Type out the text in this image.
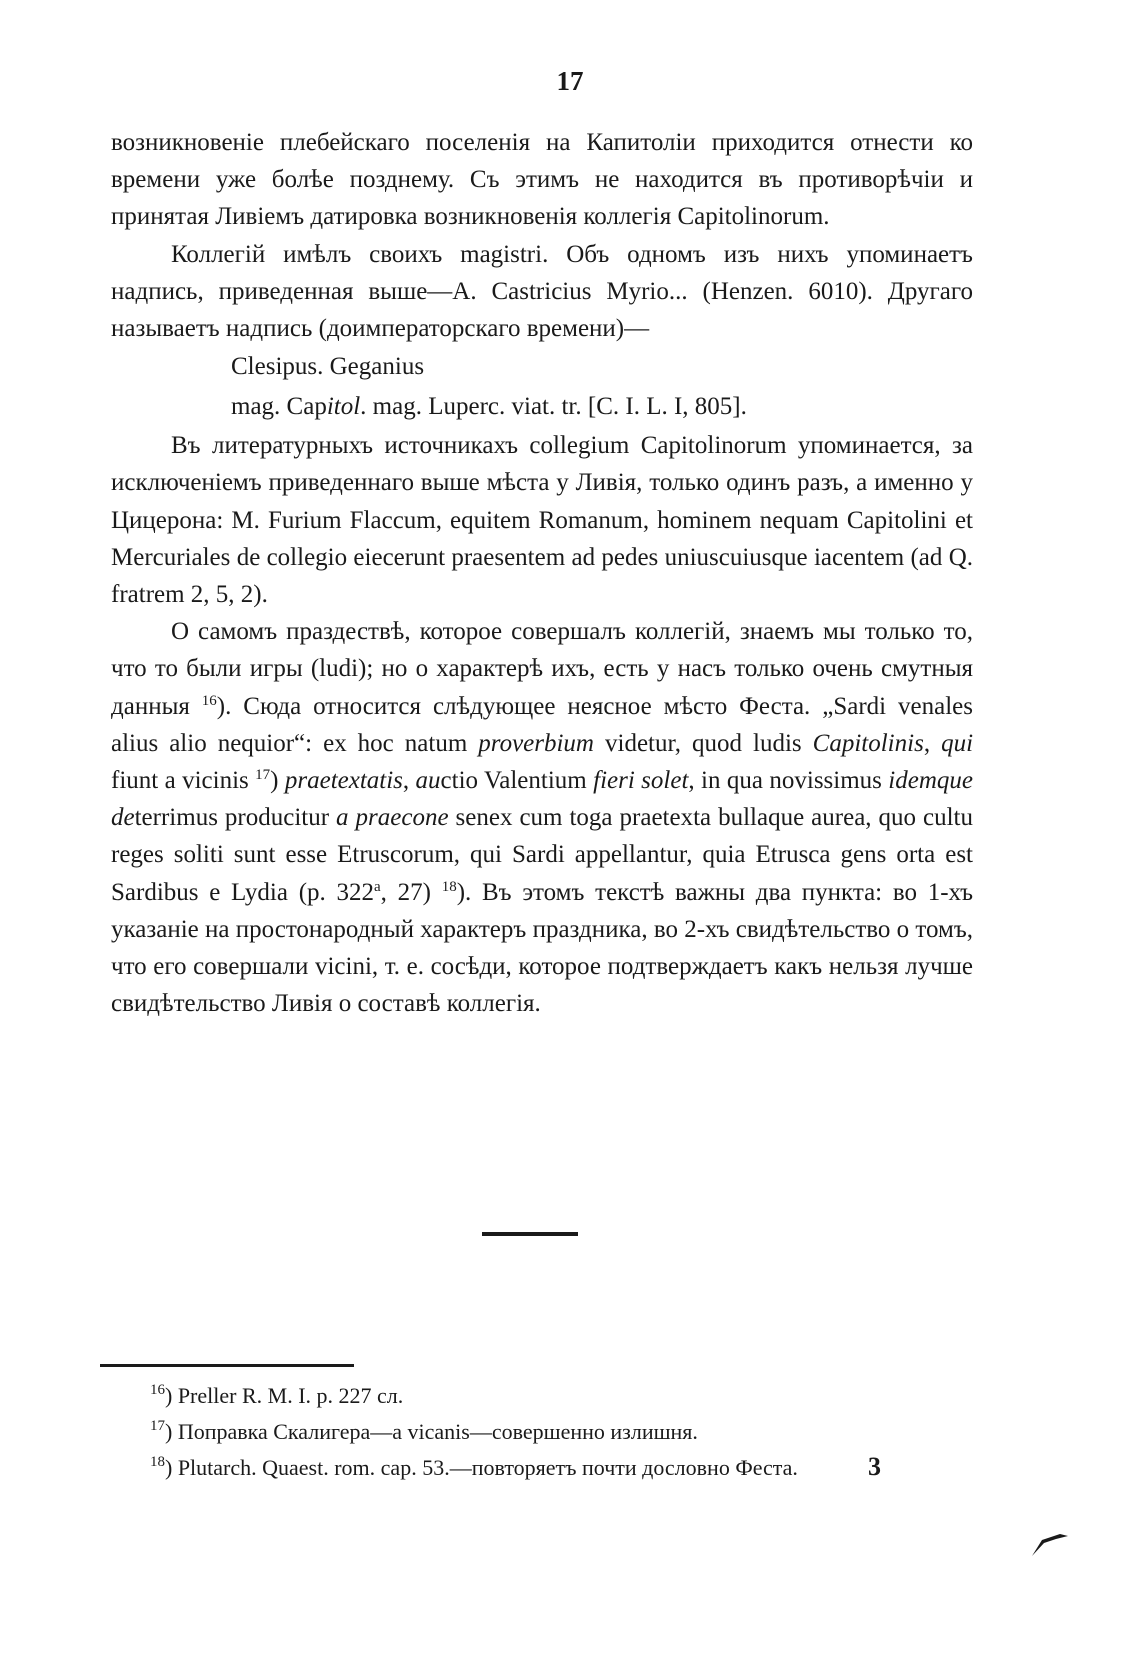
17

возникновеніе плебейскаго поселенія на Капитоліи приходится отнести ко времени уже болѣе позднему. Съ этимъ не находится въ противорѣчіи и принятая Ливіемъ датировка возникновенія коллегія Capitolinorum.

Коллегій имѣлъ своихъ magistri. Объ одномъ изъ нихъ упоминаетъ надпись, приведенная выше—A. Castricius Myrio... (Henzen. 6010). Другаго называетъ надпись (доимператорскаго времени)—

Clesipus. Geganius
mag. Capitol. mag. Luperc. viat. tr. [C. I. L. I, 805].

Въ литературныхъ источникахъ collegium Capitolinorum упоминается, за исключеніемъ приведеннаго выше мѣста у Ливія, только одинъ разъ, а именно у Цицерона: M. Furium Flaccum, equitem Romanum, hominem nequam Capitolini et Mercuriales de collegio eiecerunt praesentem ad pedes uniuscuiusque iacentem (ad Q. fratrem 2, 5, 2).

О самомъ праздествѣ, которое совершалъ коллегій, знаемъ мы только то, что то были игры (ludi); но о характерѣ ихъ, есть у насъ только очень смутныя данныя $^{16}$). Сюда относится слѣдующее неясное мѣсто Феста. „Sardi venales alius alio nequior“: ex hoc natum proverbium videtur, quod ludis Capitolinis, qui fiunt a vicinis $^{17}$) praetextatis, auctio Valentium fieri solet, in qua novissimus idemque deterrimus producitur a praecone senex cum toga praetexta bullaque aurea, quo cultu reges soliti sunt esse Etruscorum, qui Sardi appellantur, quia Etrusca gens orta est Sardibus e Lydia (p. 322$^a$, 27) $^{18}$). Въ этомъ текстѣ важны два пункта: во 1-хъ указаніе на простонародный характеръ праздника, во 2-хъ свидѣтельство о томъ, что его совершали vicini, т. е. сосѣди, которое подтверждаетъ какъ нельзя лучше свидѣтельство Ливія о составѣ коллегія.

$^{16}$) Preller R. M. I. p. 227 сл.
$^{17}$) Поправка Скалигера—a vicanis—совершенно излишня.
$^{18}$) Plutarch. Quaest. rom. cap. 53.—повторяетъ почти дословно Феста.	3
